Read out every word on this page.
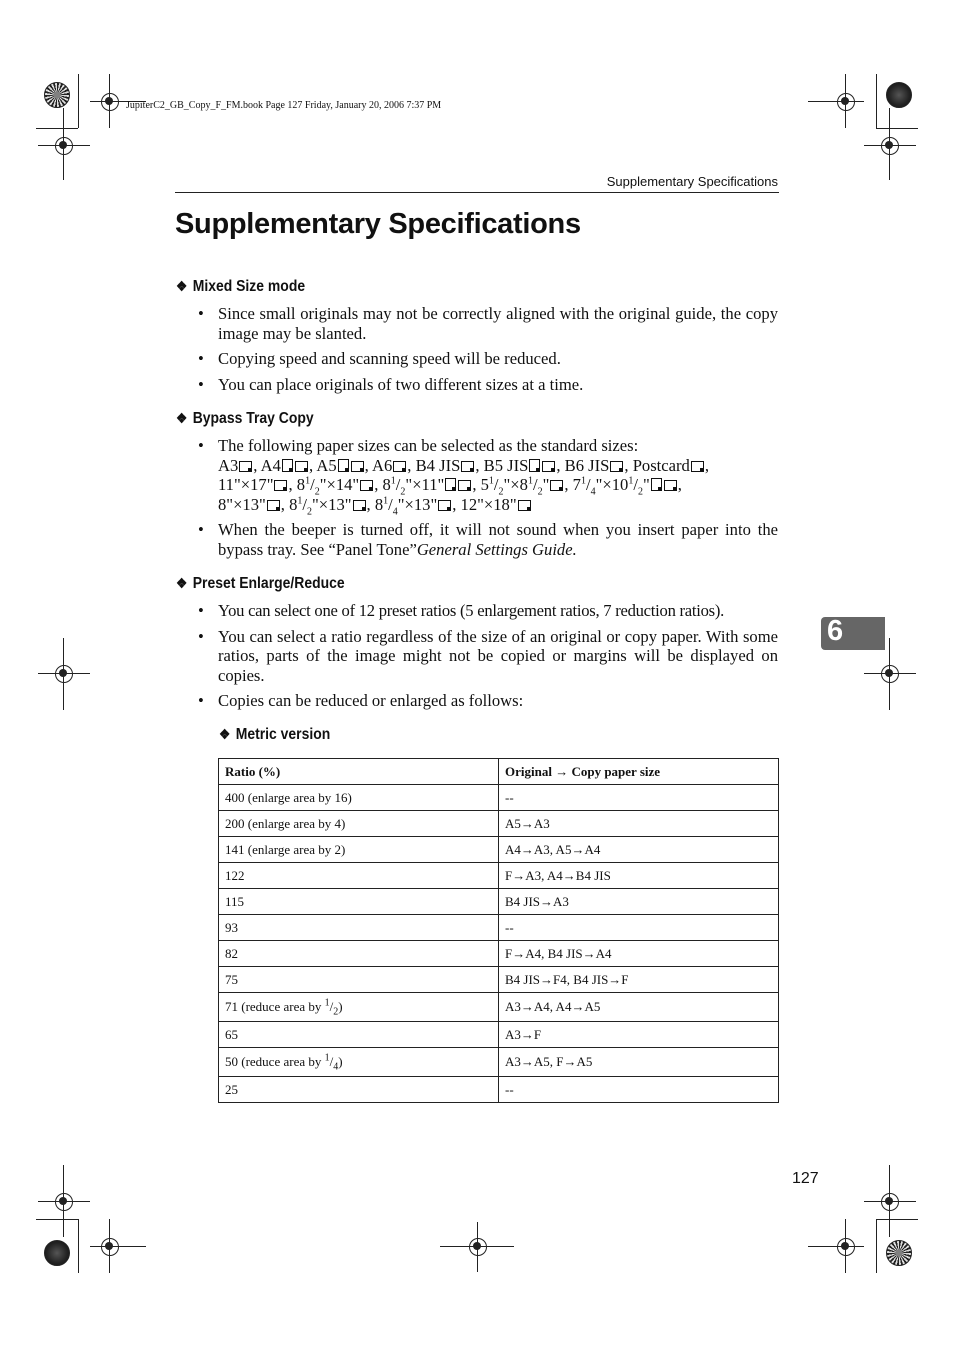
JupiterC2_GB_Copy_F_FM.book Page 127 Friday, January 20, 2006 7:37 PM
Supplementary Specifications
Supplementary Specifications
6
❖ Mixed Size mode
• Since small originals may not be correctly aligned with the original guide, the copy image may be slanted.
• Copying speed and scanning speed will be reduced.
• You can place originals of two different sizes at a time.
❖ Bypass Tray Copy
• The following paper sizes can be selected as the standard sizes:
A3 , A4 , A5 , A6 , B4 JIS , B5 JIS , B6 JIS , Postcard ,
11"×17" , $8^1/_2"\times 14$" , $8^1/_2"\times 11$" , $5^1/_2"\times 8^1/_2$" , $7^1/_4"\times 10^1/_2$" ,
8"×13" , $8^1/_2"\times 13$" , $8^1/_4"\times 13$" , 12"×18"
• When the beeper is turned off, it will not sound when you insert paper into the bypass tray. See “Panel Tone”General Settings Guide.
❖ Preset Enlarge/Reduce
• You can select one of 12 preset ratios (5 enlargement ratios, 7 reduction ratios).
• You can select a ratio regardless of the size of an original or copy paper. With some ratios, parts of the image might not be copied or margins will be displayed on copies.
• Copies can be reduced or enlarged as follows:
❖ Metric version
Ratio (%)	Original → Copy paper size
400 (enlarge area by 16)	--
200 (enlarge area by 4)	A5→A3
141 (enlarge area by 2)	A4→A3, A5→A4
122	F→A3, A4→B4 JIS
115	B4 JIS→A3
93	--
82	F→A4, B4 JIS→A4
75	B4 JIS→F4, B4 JIS→F
71 (reduce area by $^1/_2$)	A3→A4, A4→A5
65	A3→F
50 (reduce area by $^1/_4$)	A3→A5, F→A5
25	--
127
